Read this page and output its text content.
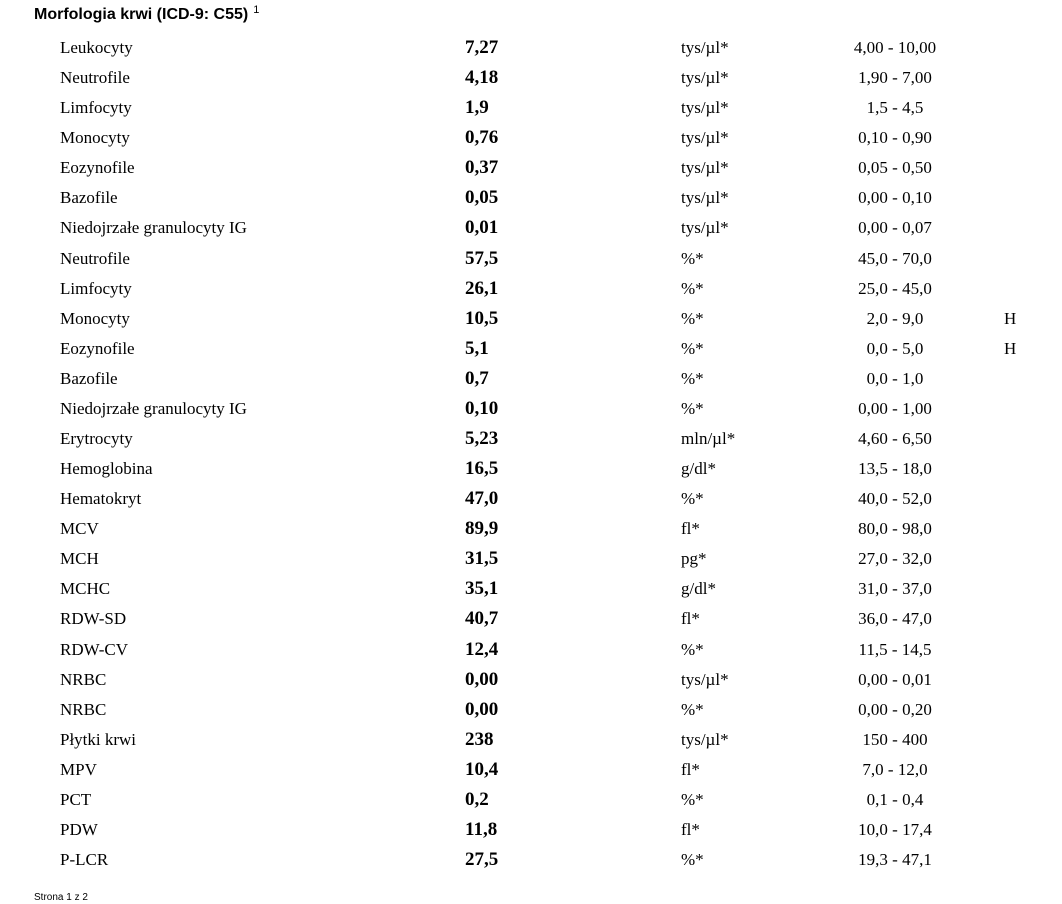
Morfologia krwi (ICD-9: C55) $^1$
Leukocyty	7,27	tys/µl*	4,00 - 10,00
Neutrofile	4,18	tys/µl*	1,90 - 7,00
Limfocyty	1,9	tys/µl*	1,5 - 4,5
Monocyty	0,76	tys/µl*	0,10 - 0,90
Eozynofile	0,37	tys/µl*	0,05 - 0,50
Bazofile	0,05	tys/µl*	0,00 - 0,10
Niedojrzałe granulocyty IG	0,01	tys/µl*	0,00 - 0,07
Neutrofile	57,5	%*	45,0 - 70,0
Limfocyty	26,1	%*	25,0 - 45,0
Monocyty	10,5	%*	2,0 - 9,0	H
Eozynofile	5,1	%*	0,0 - 5,0	H
Bazofile	0,7	%*	0,0 - 1,0
Niedojrzałe granulocyty IG	0,10	%*	0,00 - 1,00
Erytrocyty	5,23	mln/µl*	4,60 - 6,50
Hemoglobina	16,5	g/dl*	13,5 - 18,0
Hematokryt	47,0	%*	40,0 - 52,0
MCV	89,9	fl*	80,0 - 98,0
MCH	31,5	pg*	27,0 - 32,0
MCHC	35,1	g/dl*	31,0 - 37,0
RDW-SD	40,7	fl*	36,0 - 47,0
RDW-CV	12,4	%*	11,5 - 14,5
NRBC	0,00	tys/µl*	0,00 - 0,01
NRBC	0,00	%*	0,00 - 0,20
Płytki krwi	238	tys/µl*	150 - 400
MPV	10,4	fl*	7,0 - 12,0
PCT	0,2	%*	0,1 - 0,4
PDW	11,8	fl*	10,0 - 17,4
P-LCR	27,5	%*	19,3 - 47,1
Strona 1 z 2
